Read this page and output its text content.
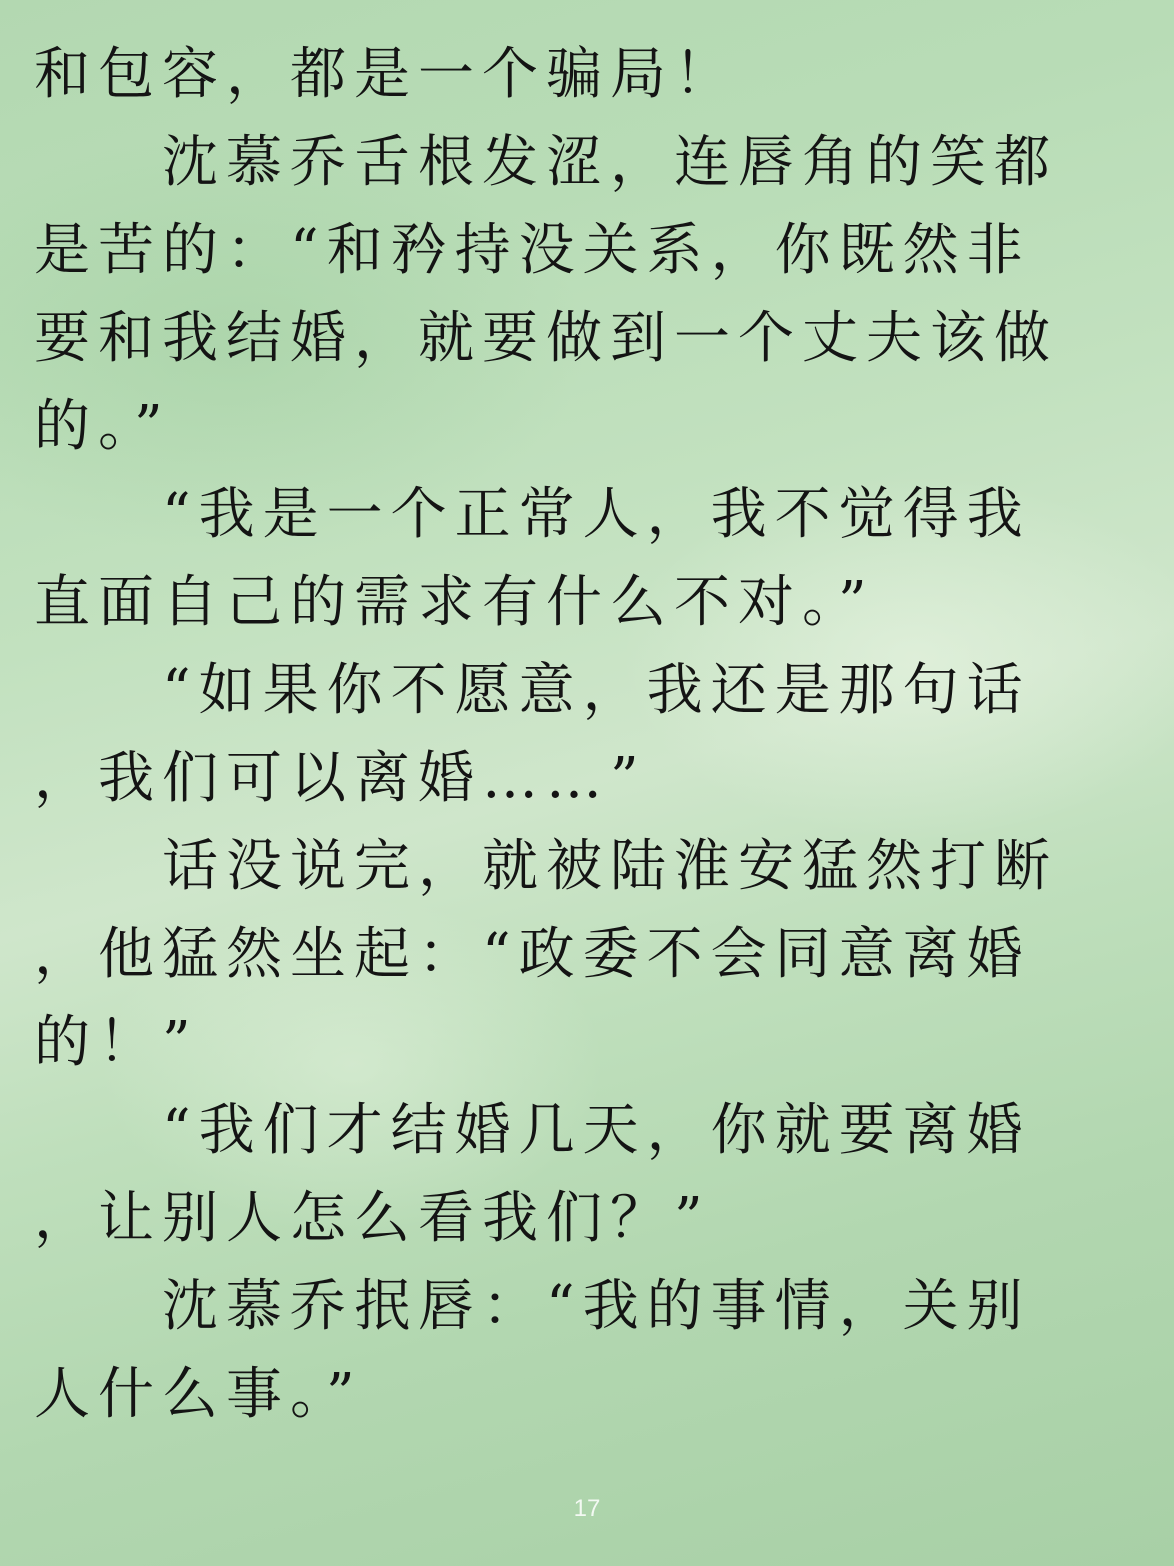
和包容，都是一个骗局！
　　沈慕乔舌根发涩，连唇角的笑都
是苦的：“和矜持没关系，你既然非
要和我结婚，就要做到一个丈夫该做
的。”
　　“我是一个正常人，我不觉得我
直面自己的需求有什么不对。”
　　“如果你不愿意，我还是那句话
，我们可以离婚……”
　　话没说完，就被陆淮安猛然打断
，他猛然坐起：“政委不会同意离婚
的！”
　　“我们才结婚几天，你就要离婚
，让别人怎么看我们？”
　　沈慕乔抿唇：“我的事情，关别
人什么事。”
17
